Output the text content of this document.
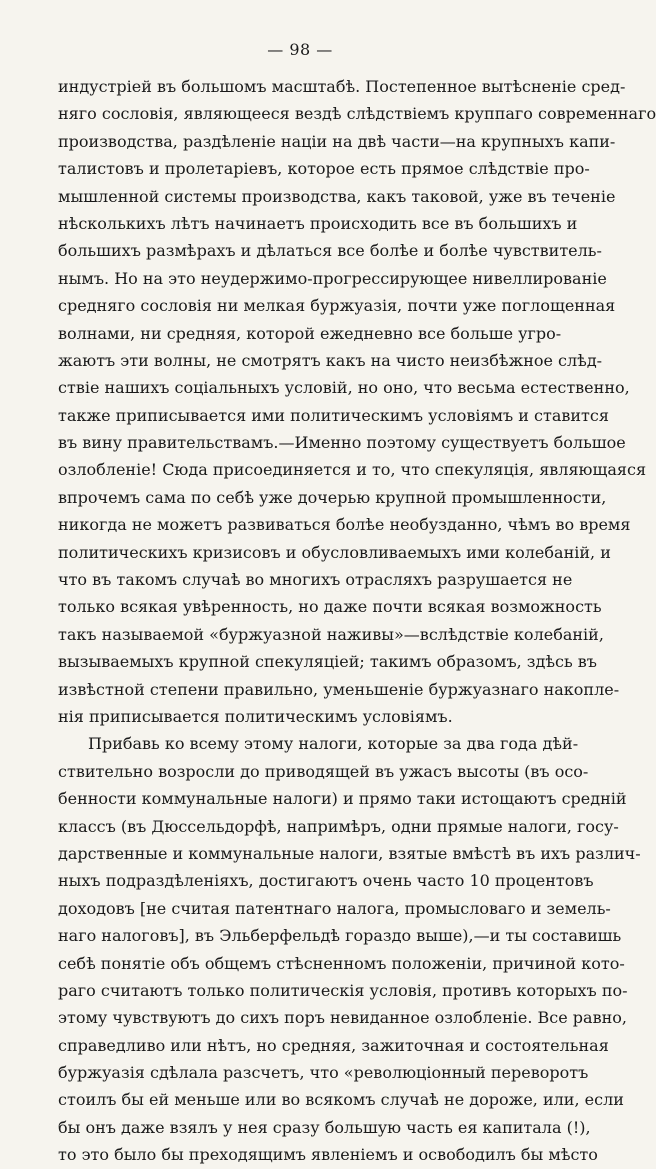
— 98 —
индустріей въ большомъ масштабѣ. Постепенное вытѣсненіе сред-
няго сословія, являющееся вездѣ слѣдствіемъ круппаго современнаго
производства, раздѣленіе націи на двѣ части—на крупныхъ капи-
талистовъ и пролетаріевъ, которое есть прямое слѣдствіе про-
мышленной системы производства, какъ таковой, уже въ теченіе
нѣсколькихъ лѣтъ начинаетъ происходить все въ большихъ и
большихъ размѣрахъ и дѣлаться все болѣе и болѣе чувствитель-
нымъ. Но на это неудержимо-прогрессирующее нивеллированіе
средняго сословія ни мелкая буржуазія, почти уже поглощенная
волнами, ни средняя, которой ежедневно все больше угро-
жаютъ эти волны, не смотрятъ какъ на чисто неизбѣжное слѣд-
ствіе нашихъ соціальныхъ условій, но оно, что весьма естественно,
также приписывается ими политическимъ условіямъ и ставится
въ вину правительствамъ.—Именно поэтому существуетъ большое
озлобленіе! Сюда присоединяется и то, что спекуляція, являющаяся
впрочемъ сама по себѣ уже дочерью крупной промышленности,
никогда не можетъ развиваться болѣе необузданно, чѣмъ во время
политическихъ кризисовъ и обусловливаемыхъ ими колебаній, и
что въ такомъ случаѣ во многихъ отрасляхъ разрушается не
только всякая увѣренность, но даже почти всякая возможность
такъ называемой «буржуазной наживы»—вслѣдствіе колебаній,
вызываемыхъ крупной спекуляціей; такимъ образомъ, здѣсь въ
извѣстной степени правильно, уменьшеніе буржуазнаго накопле-
нія приписывается политическимъ условіямъ.
Прибавь ко всему этому налоги, которые за два года дѣй-
ствительно возросли до приводящей въ ужасъ высоты (въ осо-
бенности коммунальные налоги) и прямо таки истощаютъ средній
классъ (въ Дюссельдорфѣ, напримѣръ, одни прямые налоги, госу-
дарственные и коммунальные налоги, взятые вмѣстѣ въ ихъ различ-
ныхъ подраздѣленіяхъ, достигаютъ очень часто 10 процентовъ
доходовъ [не считая патентнаго налога, промысловаго и земель-
наго налоговъ], въ Эльберфельдѣ гораздо выше),—и ты составишь
себѣ понятіе объ общемъ стѣсненномъ положеніи, причиной кото-
раго считаютъ только политическія условія, противъ которыхъ по-
этому чувствуютъ до сихъ поръ невиданное озлобленіе. Все равно,
справедливо или нѣтъ, но средняя, зажиточная и состоятельная
буржуазія сдѣлала разсчетъ, что «революціонный переворотъ
стоилъ бы ей меньше или во всякомъ случаѣ не дороже, или, если
бы онъ даже взялъ у нея сразу большую часть ея капитала (!),
то это было бы преходящимъ явленіемъ и освободилъ бы мѣсто
